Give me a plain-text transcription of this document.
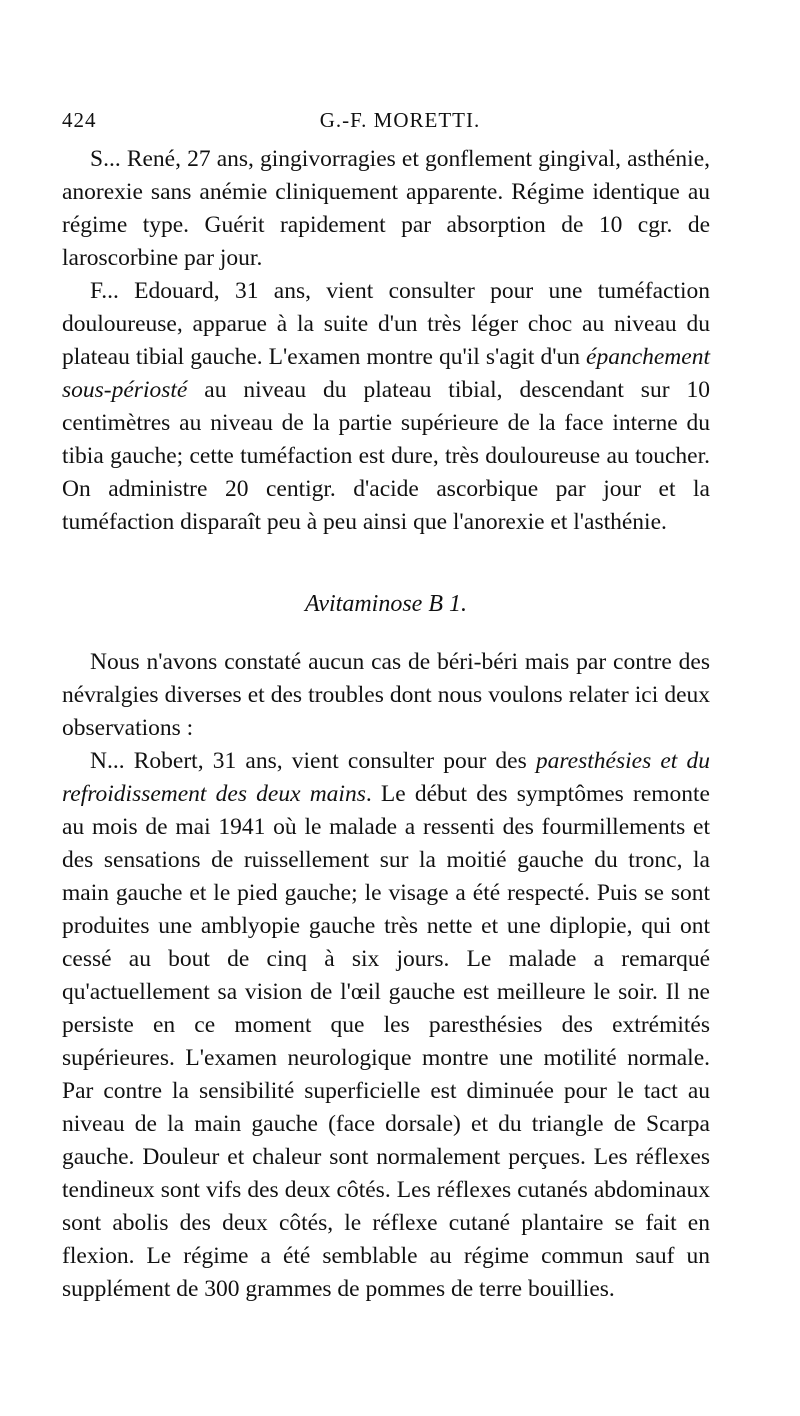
424	G.-F. MORETTI.

S... René, 27 ans, gingivorragies et gonflement gingival, asthénie, anorexie sans anémie cliniquement apparente. Régime identique au régime type. Guérit rapidement par absorption de 10 cgr. de laroscorbine par jour.

F... Edouard, 31 ans, vient consulter pour une tuméfaction douloureuse, apparue à la suite d'un très léger choc au niveau du plateau tibial gauche. L'examen montre qu'il s'agit d'un épanchement sous-périosté au niveau du plateau tibial, descendant sur 10 centimètres au niveau de la partie supérieure de la face interne du tibia gauche; cette tuméfaction est dure, très douloureuse au toucher. On administre 20 centigr. d'acide ascorbique par jour et la tuméfaction disparaît peu à peu ainsi que l'anorexie et l'asthénie.

Avitaminose B 1.

Nous n'avons constaté aucun cas de béri-béri mais par contre des névralgies diverses et des troubles dont nous voulons relater ici deux observations :

N... Robert, 31 ans, vient consulter pour des paresthésies et du refroidissement des deux mains. Le début des symptômes remonte au mois de mai 1941 où le malade a ressenti des fourmillements et des sensations de ruissellement sur la moitié gauche du tronc, la main gauche et le pied gauche; le visage a été respecté. Puis se sont produites une amblyopie gauche très nette et une diplopie, qui ont cessé au bout de cinq à six jours. Le malade a remarqué qu'actuellement sa vision de l'œil gauche est meilleure le soir. Il ne persiste en ce moment que les paresthésies des extrémités supérieures. L'examen neurologique montre une motilité normale. Par contre la sensibilité superficielle est diminuée pour le tact au niveau de la main gauche (face dorsale) et du triangle de Scarpa gauche. Douleur et chaleur sont normalement perçues. Les réflexes tendineux sont vifs des deux côtés. Les réflexes cutanés abdominaux sont abolis des deux côtés, le réflexe cutané plantaire se fait en flexion. Le régime a été semblable au régime commun sauf un supplément de 300 grammes de pommes de terre bouillies.
